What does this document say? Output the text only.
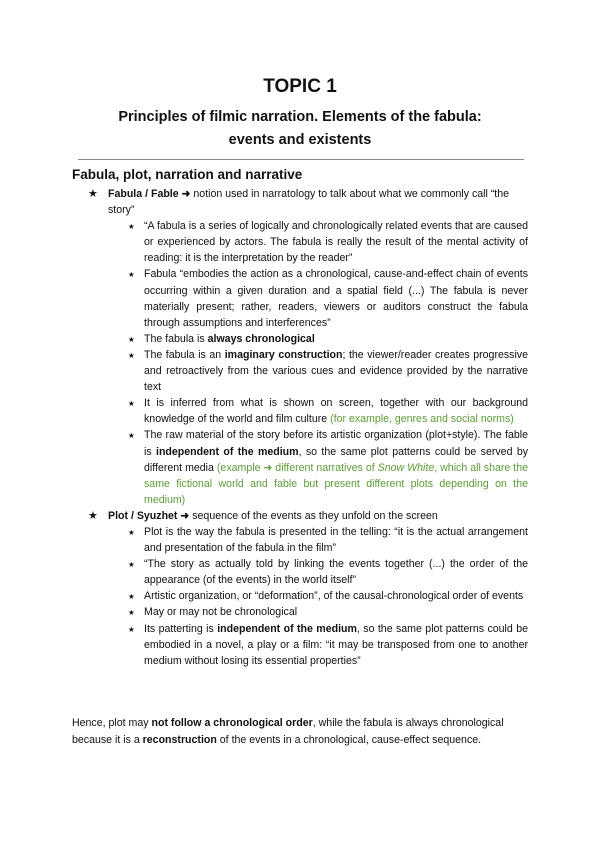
TOPIC 1

Principles of filmic narration. Elements of the fabula:
events and existents

Fabula, plot, narration and narrative
★ Fabula / Fable ➜ notion used in narratology to talk about what we commonly call “the story”
★ “A fabula is a series of logically and chronologically related events that are caused or experienced by actors. The fabula is really the result of the mental activity of reading: it is the interpretation by the reader”
★ Fabula “embodies the action as a chronological, cause-and-effect chain of events occurring within a given duration and a spatial field (...) The fabula is never materially present; rather, readers, viewers or auditors construct the fabula through assumptions and interferences”
★ The fabula is always chronological
★ The fabula is an imaginary construction; the viewer/reader creates progressive and retroactively from the various cues and evidence provided by the narrative text
★ It is inferred from what is shown on screen, together with our background knowledge of the world and film culture (for example, genres and social norms)
★ The raw material of the story before its artistic organization (plot+style). The fable is independent of the medium, so the same plot patterns could be served by different media (example ➜ different narratives of Snow White, which all share the same fictional world and fable but present different plots depending on the medium)
★ Plot / Syuzhet ➜ sequence of the events as they unfold on the screen
★ Plot is the way the fabula is presented in the telling: “it is the actual arrangement and presentation of the fabula in the film”
★ “The story as actually told by linking the events together (...) the order of the appearance (of the events) in the world itself”
★ Artistic organization, or “deformation”, of the causal-chronological order of events
★ May or may not be chronological
★ Its patterting is independent of the medium, so the same plot patterns could be embodied in a novel, a play or a film: “it may be transposed from one to another medium without losing its essential properties”

Hence, plot may not follow a chronological order, while the fabula is always chronological because it is a reconstruction of the events in a chronological, cause-effect sequence.
